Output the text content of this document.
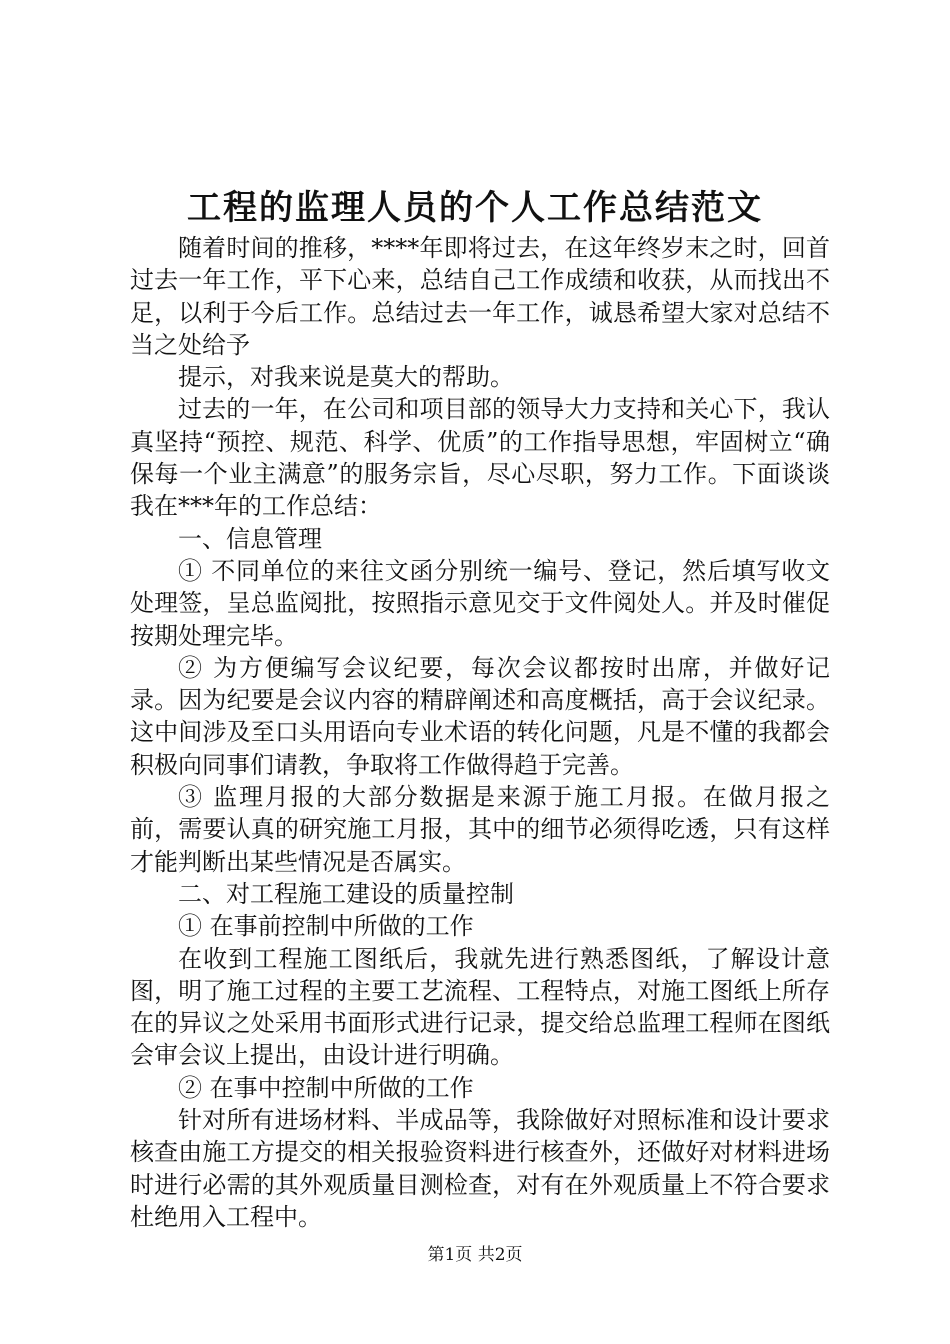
工程的监理人员的个人工作总结范文

随着时间的推移，****年即将过去，在这年终岁末之时，回首过去一年工作，平下心来，总结自己工作成绩和收获，从而找出不足，以利于今后工作。总结过去一年工作，诚恳希望大家对总结不当之处给予

提示，对我来说是莫大的帮助。

过去的一年，在公司和项目部的领导大力支持和关心下，我认真坚持“预控、规范、科学、优质”的工作指导思想，牢固树立“确保每一个业主满意”的服务宗旨，尽心尽职，努力工作。下面谈谈我在***年的工作总结：

一、信息管理

① 不同单位的来往文函分别统一编号、登记，然后填写收文处理签，呈总监阅批，按照指示意见交于文件阅处人。并及时催促按期处理完毕。

② 为方便编写会议纪要，每次会议都按时出席，并做好记录。因为纪要是会议内容的精辟阐述和高度概括，高于会议纪录。这中间涉及至口头用语向专业术语的转化问题，凡是不懂的我都会积极向同事们请教，争取将工作做得趋于完善。

③ 监理月报的大部分数据是来源于施工月报。在做月报之前，需要认真的研究施工月报，其中的细节必须得吃透，只有这样才能判断出某些情况是否属实。

二、对工程施工建设的质量控制

① 在事前控制中所做的工作

在收到工程施工图纸后，我就先进行熟悉图纸，了解设计意图，明了施工过程的主要工艺流程、工程特点，对施工图纸上所存在的异议之处采用书面形式进行记录，提交给总监理工程师在图纸会审会议上提出，由设计进行明确。

② 在事中控制中所做的工作

针对所有进场材料、半成品等，我除做好对照标准和设计要求核查由施工方提交的相关报验资料进行核查外，还做好对材料进场时进行必需的其外观质量目测检查，对有在外观质量上不符合要求杜绝用入工程中。

第1页 共2页
